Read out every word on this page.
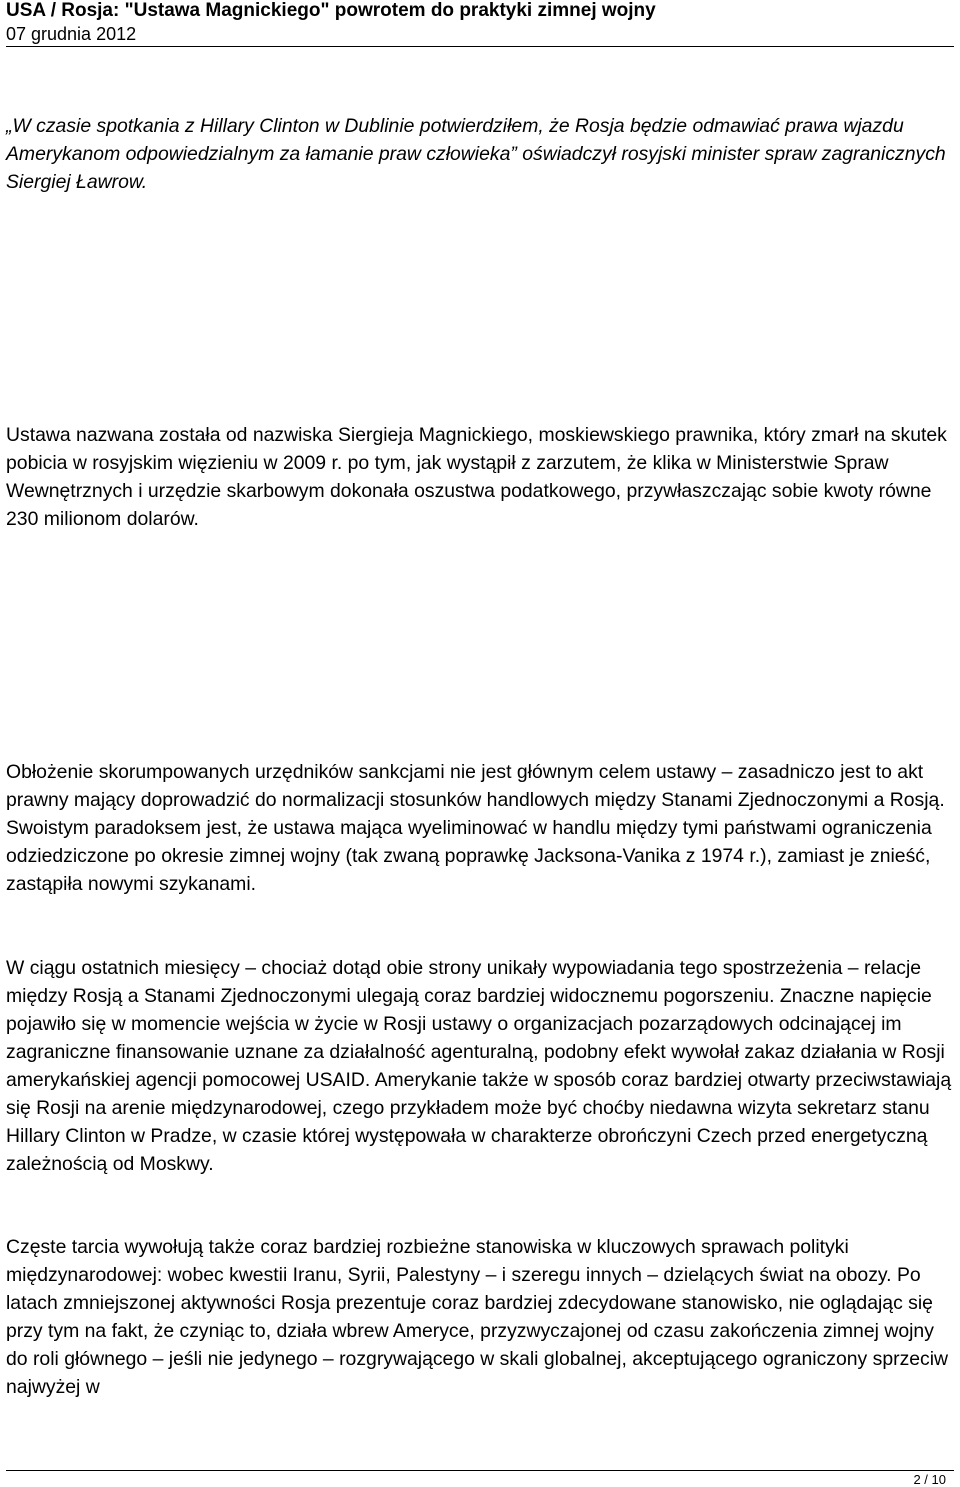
USA / Rosja: "Ustawa Magnickiego" powrotem do praktyki zimnej wojny
07 grudnia 2012

„W czasie spotkania z Hillary Clinton w Dublinie potwierdziłem, że Rosja będzie odmawiać prawa wjazdu Amerykanom odpowiedzialnym za łamanie praw człowieka” oświadczył rosyjski minister spraw zagranicznych Siergiej Ławrow.

Ustawa nazwana została od nazwiska Siergieja Magnickiego, moskiewskiego prawnika, który zmarł na skutek pobicia w rosyjskim więzieniu w 2009 r. po tym, jak wystąpił z zarzutem, że klika w Ministerstwie Spraw Wewnętrznych i urzędzie skarbowym dokonała oszustwa podatkowego, przywłaszczając sobie kwoty równe 230 milionom dolarów.

Obłożenie skorumpowanych urzędników sankcjami nie jest głównym celem ustawy – zasadniczo jest to akt prawny mający doprowadzić do normalizacji stosunków handlowych między Stanami Zjednoczonymi a Rosją. Swoistym paradoksem jest, że ustawa mająca wyeliminować w handlu między tymi państwami ograniczenia odziedziczone po okresie zimnej wojny (tak zwaną poprawkę Jacksona-Vanika z 1974 r.), zamiast je znieść, zastąpiła nowymi szykanami.

W ciągu ostatnich miesięcy – chociaż dotąd obie strony unikały wypowiadania tego spostrzeżenia – relacje między Rosją a Stanami Zjednoczonymi ulegają coraz bardziej widocznemu pogorszeniu. Znaczne napięcie pojawiło się w momencie wejścia w życie w Rosji ustawy o organizacjach pozarządowych odcinającej im zagraniczne finansowanie uznane za działalność agenturalną, podobny efekt wywołał zakaz działania w Rosji amerykańskiej agencji pomocowej USAID. Amerykanie także w sposób coraz bardziej otwarty przeciwstawiają się Rosji na arenie międzynarodowej, czego przykładem może być choćby niedawna wizyta sekretarz stanu Hillary Clinton w Pradze, w czasie której występowała w charakterze obrończyni Czech przed energetyczną zależnością od Moskwy.

Częste tarcia wywołują także coraz bardziej rozbieżne stanowiska w kluczowych sprawach polityki międzynarodowej: wobec kwestii Iranu, Syrii, Palestyny – i szeregu innych – dzielących świat na obozy. Po latach zmniejszonej aktywności Rosja prezentuje coraz bardziej zdecydowane stanowisko, nie oglądając się przy tym na fakt, że czyniąc to, działa wbrew Ameryce, przyzwyczajonej od czasu zakończenia zimnej wojny do roli głównego – jeśli nie jedynego – rozgrywającego w skali globalnej, akceptującego ograniczony sprzeciw najwyżej w

2 / 10
